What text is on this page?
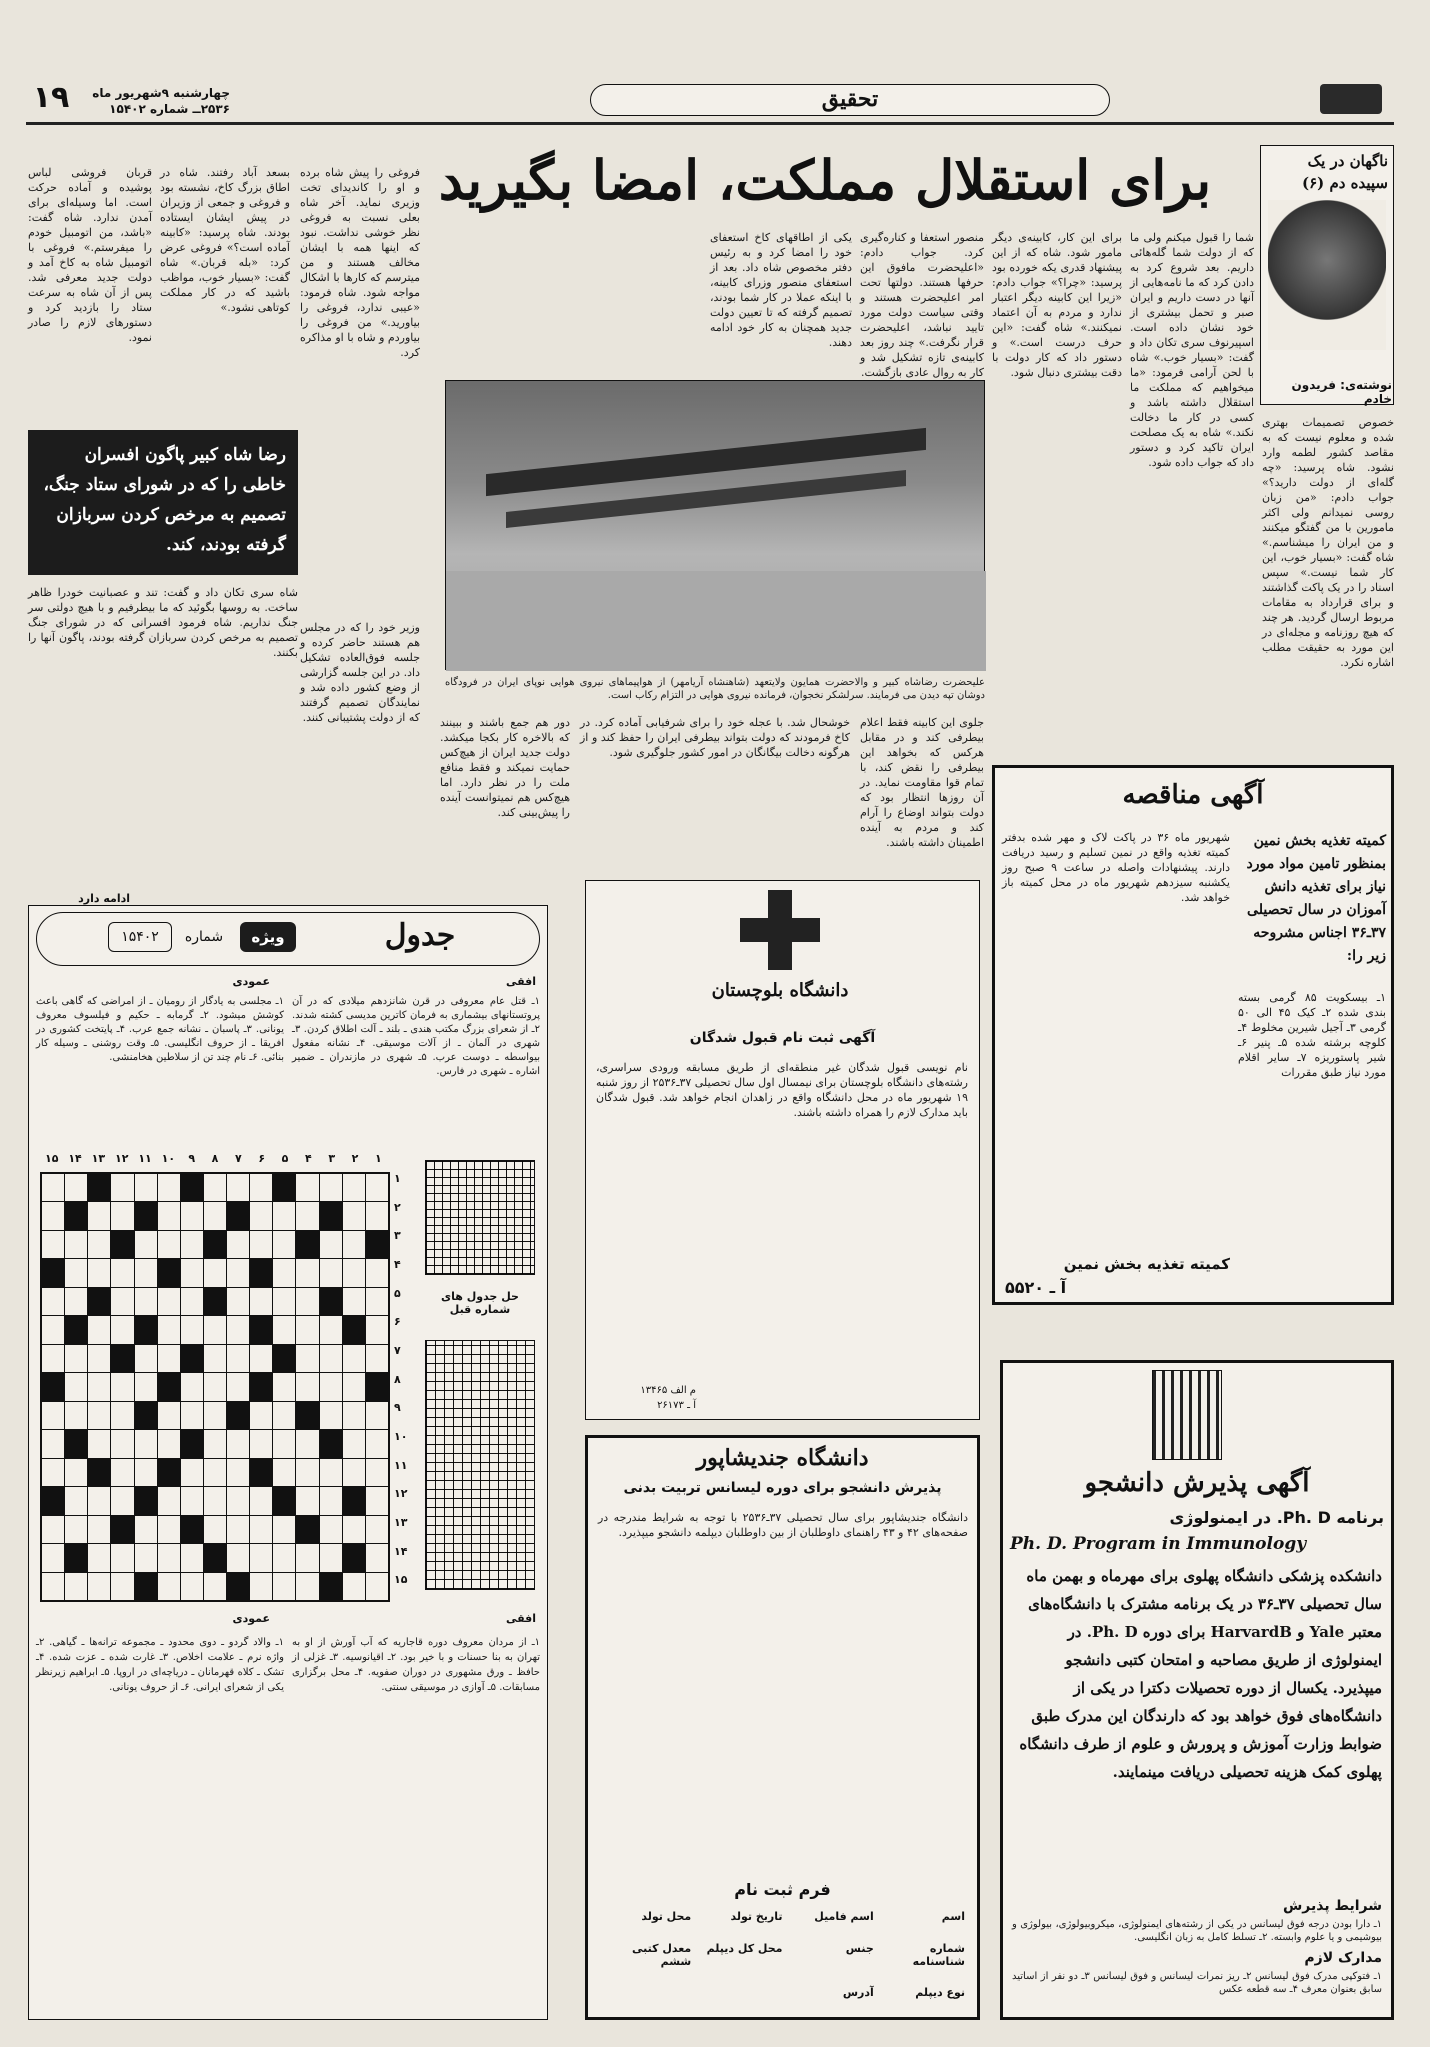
تحقیق
چهارشنبه ۹شهریور ماه
۲۵۳۶ــ شماره ۱۵۴۰۲
۱۹
ناگهان در یک سپیده دم (۶)
نوشته‌ی: فریدون خادم
برای استقلال مملکت، امضا بگیرید
خصوص تصمیمات بهتری شده و معلوم نیست که به مقاصد کشور لطمه وارد نشود. شاه پرسید: «چه گله‌ای از دولت دارید؟» جواب دادم: «من زبان روسی نمیدانم ولی اکثر مامورین با من گفتگو میکنند و من ایران را میشناسم.» شاه گفت: «بسیار خوب، این کار شما نیست.» سپس اسناد را در یک پاکت گذاشتند و برای قرارداد به مقامات مربوط ارسال گردید. هر چند که هیچ روزنامه و مجله‌ای در این مورد به حقیقت مطلب اشاره نکرد.
شما را قبول میکنم ولی ما که از دولت شما گله‌هائی داریم. بعد شروع کرد به دادن کرد که ما نامه‌هایی از آنها در دست داریم و ایران صبر و تحمل بیشتری از خود نشان داده است. اسپیرنوف سری تکان داد و گفت: «بسیار خوب.» شاه با لحن آرامی فرمود: «ما میخواهیم که مملکت ما استقلال داشته باشد و کسی در کار ما دخالت نکند.» شاه به یک مصلحت ایران تاکید کرد و دستور داد که جواب داده شود.
برای این کار، کابینه‌ی دیگر مامور شود. شاه که از این پیشنهاد قدری یکه خورده بود پرسید: «چرا؟» جواب دادم: «زیرا این کابینه دیگر اعتبار ندارد و مردم به آن اعتماد نمیکنند.» شاه گفت: «این حرف درست است.» و دستور داد که کار دولت با دقت بیشتری دنبال شود.
منصور استعفا و کناره‌گیری کرد. جواب دادم: «اعلیحضرت مافوق این حرفها هستند. دولتها تحت امر اعلیحضرت هستند و وقتی سیاست دولت مورد تایید نباشد، اعلیحضرت قرار نگرفت.» چند روز بعد کابینه‌ی تازه تشکیل شد و کار به روال عادی بازگشت.
یکی از اطاقهای کاخ استعفای خود را امضا کرد و به رئیس دفتر مخصوص شاه داد. بعد از استعفای منصور وزرای کابینه، با اینکه عملا در کار شما بودند، تصمیم گرفته که تا تعیین دولت جدید همچنان به کار خود ادامه دهند.
فروغی را پیش شاه برده و او را کاندیدای تخت وزیری نماید. آخر شاه بعلی نسبت به فروغی نظر خوشی نداشت. نبود که اینها همه با ایشان مخالف هستند و من میترسم که کارها با اشکال مواجه شود. شاه فرمود: «عیبی ندارد، فروغی را بیاورید.» من فروغی را بیاوردم و شاه با او مذاکره کرد.
بسعد آباد رفتند. شاه در اطاق بزرگ کاخ، نشسته بود و فروغی و جمعی از وزیران در پیش ایشان ایستاده بودند. شاه پرسید: «کابینه آماده است؟» فروغی عرض کرد: «بله قربان.» شاه گفت: «بسیار خوب، مواظب باشید که در کار مملکت کوتاهی نشود.»
قربان فروشی لباس پوشیده و آماده حرکت است. اما وسیله‌ای برای آمدن ندارد. شاه گفت: «باشد، من اتومبیل خودم را میفرستم.» فروغی با اتومبیل شاه به کاخ آمد و دولت جدید معرفی شد. پس از آن شاه به سرعت ستاد را بازدید کرد و دستورهای لازم را صادر نمود.
علیحضرت رضاشاه کبیر و والاحضرت همایون ولایتعهد (شاهنشاه آریامهر) از هواپیماهای نیروی هوایی نوپای ایران در فرودگاه دوشان تپه دیدن می فرمایند. سرلشکر نخجوان، فرمانده نیروی هوایی در التزام رکاب است.
رضا شاه کبیر پاگون افسران خاطی را که در شورای ستاد جنگ، تصمیم به مرخص کردن سربازان گرفته بودند، کند.
جلوی این کابینه فقط اعلام بیطرفی کند و در مقابل هرکس که بخواهد این بیطرفی را نقض کند، با تمام قوا مقاومت نماید. در آن روزها انتظار بود که دولت بتواند اوضاع را آرام کند و مردم به آینده اطمینان داشته باشند.
خوشحال شد. با عجله خود را برای شرفیابی آماده کرد. در کاخ فرمودند که دولت بتواند بیطرفی ایران را حفظ کند و از هرگونه دخالت بیگانگان در امور کشور جلوگیری شود.
دور هم جمع باشند و ببینند که بالاخره کار بکجا میکشد. دولت جدید ایران از هیچ‌کس حمایت نمیکند و فقط منافع ملت را در نظر دارد. اما هیچ‌کس هم نمیتوانست آینده را پیش‌بینی کند.
وزیر خود را که در مجلس هم هستند حاضر کرده و جلسه فوق‌العاده تشکیل داد. در این جلسه گزارشی از وضع کشور داده شد و نمایندگان تصمیم گرفتند که از دولت پشتیبانی کنند.
شاه سری تکان داد و گفت: تند و عصبانیت خودرا ظاهر ساخت. به روسها بگوئید که ما بیطرفیم و با هیچ دولتی سر جنگ نداریم. شاه فرمود افسرانی که در شورای جنگ تصمیم به مرخص کردن سربازان گرفته بودند، پاگون آنها را بکنند.
ادامه دارد
آگهی مناقصه
کمیته تغذیه بخش نمین بمنظور تامین مواد مورد نیاز برای تغذیه دانش آموزان در سال تحصیلی ۳۷ـ۳۶ اجناس مشروحه زیر را:
۱ـ بیسکویت ۸۵ گرمی بسته بندی شده ۲ـ کیک ۴۵ الی ۵۰ گرمی ۳ـ آجیل شیرین مخلوط ۴ـ کلوچه برشته شده ۵ـ پنیر ۶ـ شیر پاستوریزه ۷ـ سایر اقلام مورد نیاز طبق مقررات
شهریور ماه ۳۶ در پاکت لاک و مهر شده بدفتر کمیته تغذیه واقع در نمین تسلیم و رسید دریافت دارند. پیشنهادات واصله در ساعت ۹ صبح روز یکشنبه سیزدهم شهریور ماه در محل کمیته باز خواهد شد.
کمیته تغذیه بخش نمین
آ ـ ۵۵۲۰
جدول
ویژه
شماره
۱۵۴۰۲
افقی
عمودی
۱ـ قتل عام معروفی در قرن شانزدهم میلادی که در آن پروتستانهای بیشماری به فرمان کاترین مدیسی کشته شدند. ۲ـ از شعرای بزرگ مکتب هندی ـ بلند ـ آلت اطلاق کردن. ۳ـ شهری در آلمان ـ از آلات موسیقی. ۴ـ نشانه مفعول بیواسطه ـ دوست عرب. ۵ـ شهری در مازندران ـ ضمیر اشاره ـ شهری در فارس.
۱ـ مجلسی به یادگار از رومیان ـ از امراضی که گاهی باعث کوشش میشود. ۲ـ گرمابه ـ حکیم و فیلسوف معروف یونانی. ۳ـ پاسبان ـ نشانه جمع عرب. ۴ـ پایتخت کشوری در افریقا ـ از حروف انگلیسی. ۵ـ وقت روشنی ـ وسیله کار بنائی. ۶ـ نام چند تن از سلاطین هخامنشی.
۱
۲
۳
۴
۵
۶
۷
۸
۹
۱۰
۱۱
۱۲
۱۳
۱۴
۱۵
۱
۲
۳
۴
۵
۶
۷
۸
۹
۱۰
۱۱
۱۲
۱۳
۱۴
۱۵
حل جدول های شماره قبل
افقی
عمودی
۱ـ از مردان معروف دوره قاجاریه که آب آورش از او به تهران به بنا حسنات و با خیر بود. ۲ـ اقیانوسیه. ۳ـ غزلی از حافظ ـ ورق مشهوری در دوران صفویه. ۴ـ محل برگزاری مسابقات. ۵ـ آوازی در موسیقی سنتی.
۱ـ والاد گردو ـ دوی محدود ـ مجموعه ترانه‌ها ـ گیاهی. ۲ـ واژه نرم ـ علامت اخلاص. ۳ـ غارت شده ـ عزت شده. ۴ـ تشک ـ کلاه قهرمانان ـ دریاچه‌ای در اروپا. ۵ـ ابراهیم زیرنظر یکی از شعرای ایرانی. ۶ـ از حروف یونانی.
دانشگاه بلوچستان
آگهی ثبت نام قبول شدگان
نام نویسی قبول شدگان غیر منطقه‌ای از طریق مسابقه ورودی سراسری، رشته‌های دانشگاه بلوچستان برای نیمسال اول سال تحصیلی ۳۷ـ۲۵۳۶ از روز شنبه ۱۹ شهریور ماه در محل دانشگاه واقع در زاهدان انجام خواهد شد. قبول شدگان باید مدارک لازم را همراه داشته باشند.
م الف ۱۳۴۶۵
آ ـ ۲۶۱۷۳
دانشگاه جندیشاپور
پذیرش دانشجو برای دوره لیسانس تربیت بدنی
دانشگاه جندیشاپور برای سال تحصیلی ۳۷ـ۲۵۳۶ با توجه به شرایط مندرجه در صفحه‌های ۴۲ و ۴۳ راهنمای داوطلبان از بین داوطلبان دیپلمه دانشجو میپذیرد.
فرم ثبت نام
اسم
اسم فامیل
تاریخ تولد
محل تولد
شماره شناسنامه
جنس
محل کل دیپلم
معدل کتبی ششم
نوع دیپلم
آدرس
آگهی پذیرش دانشجو
برنامه Ph. D. در ایمنولوژی
Ph. D. Program in Immunology
دانشکده پزشکی دانشگاه پهلوی برای مهرماه و بهمن ماه سال تحصیلی ۳۷ـ۳۶ در یک برنامه مشترک با دانشگاه‌های معتبر Yale و HarvardB برای دوره Ph. D. در ایمنولوژی از طریق مصاحبه و امتحان کتبی دانشجو میپذیرد. یکسال از دوره تحصیلات دکترا در یکی از دانشگاه‌های فوق خواهد بود که دارندگان این مدرک طبق ضوابط وزارت آموزش و پرورش و علوم از طرف دانشگاه پهلوی کمک هزینه تحصیلی دریافت مینمایند.
شرایط پذیرش
۱ـ دارا بودن درجه فوق لیسانس در یکی از رشته‌های ایمنولوژی، میکروبیولوژی، بیولوژی و بیوشیمی و یا علوم وابسته. ۲ـ تسلط کامل به زبان انگلیسی.
مدارک لازم
۱ـ فتوکپی مدرک فوق لیسانس ۲ـ ریز نمرات لیسانس و فوق لیسانس ۳ـ دو نفر از اساتید سابق بعنوان معرف ۴ـ سه قطعه عکس
